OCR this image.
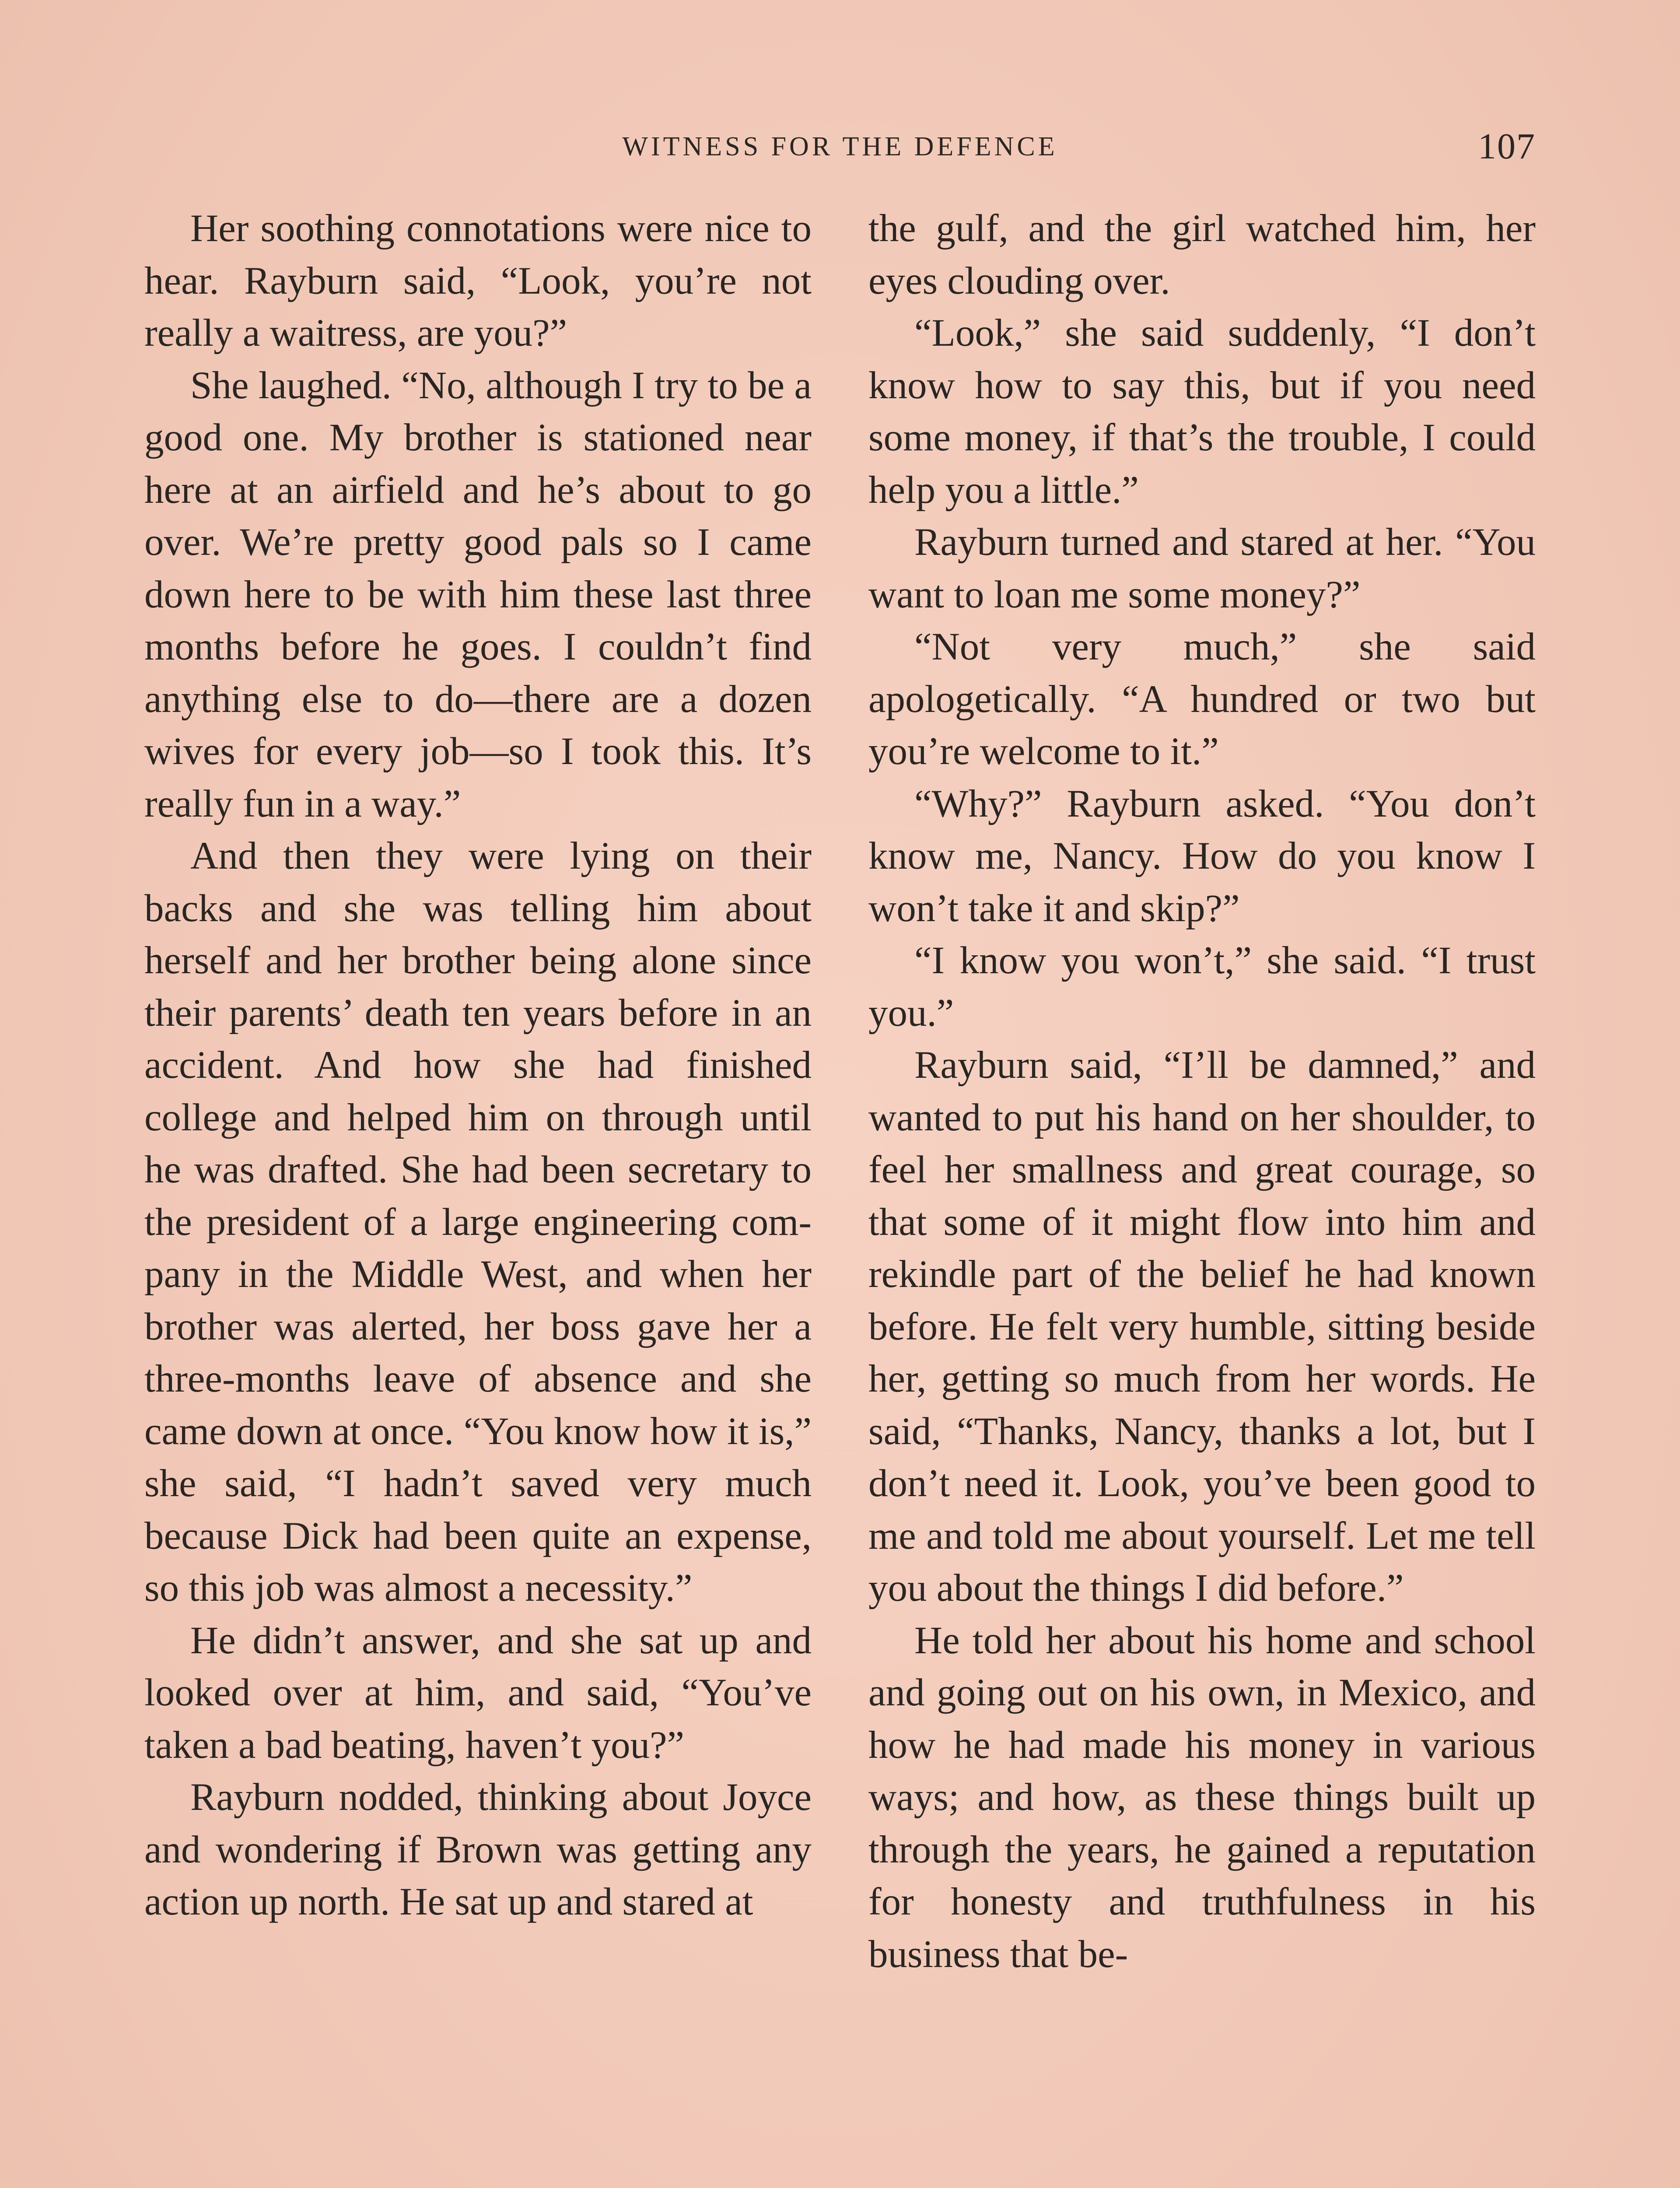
WITNESS FOR THE DEFENCE	107

Her soothing connotations were nice to hear. Rayburn said, “Look, you’re not really a waitress, are you?”

She laughed. “No, although I try to be a good one. My brother is stationed near here at an airfield and he’s about to go over. We’re pretty good pals so I came down here to be with him these last three months before he goes. I couldn’t find anything else to do—there are a dozen wives for every job—so I took this. It’s really fun in a way.”

And then they were lying on their backs and she was telling him about herself and her brother being alone since their parents’ death ten years before in an accident. And how she had finished college and helped him on through until he was drafted. She had been secretary to the president of a large engineering company in the Middle West, and when her brother was alerted, her boss gave her a three-months leave of absence and she came down at once. “You know how it is,” she said, “I hadn’t saved very much because Dick had been quite an expense, so this job was almost a necessity.”

He didn’t answer, and she sat up and looked over at him, and said, “You’ve taken a bad beating, haven’t you?”

Rayburn nodded, thinking about Joyce and wondering if Brown was getting any action up north. He sat up and stared at

the gulf, and the girl watched him, her eyes clouding over.

“Look,” she said suddenly, “I don’t know how to say this, but if you need some money, if that’s the trouble, I could help you a little.”

Rayburn turned and stared at her. “You want to loan me some money?”

“Not very much,” she said apologetically. “A hundred or two but you’re welcome to it.”

“Why?” Rayburn asked. “You don’t know me, Nancy. How do you know I won’t take it and skip?”

“I know you won’t,” she said. “I trust you.”

Rayburn said, “I’ll be damned,” and wanted to put his hand on her shoulder, to feel her smallness and great courage, so that some of it might flow into him and rekindle part of the belief he had known before. He felt very humble, sitting beside her, getting so much from her words. He said, “Thanks, Nancy, thanks a lot, but I don’t need it. Look, you’ve been good to me and told me about yourself. Let me tell you about the things I did before.”

He told her about his home and school and going out on his own, in Mexico, and how he had made his money in various ways; and how, as these things built up through the years, he gained a reputation for honesty and truthfulness in his business that be-
